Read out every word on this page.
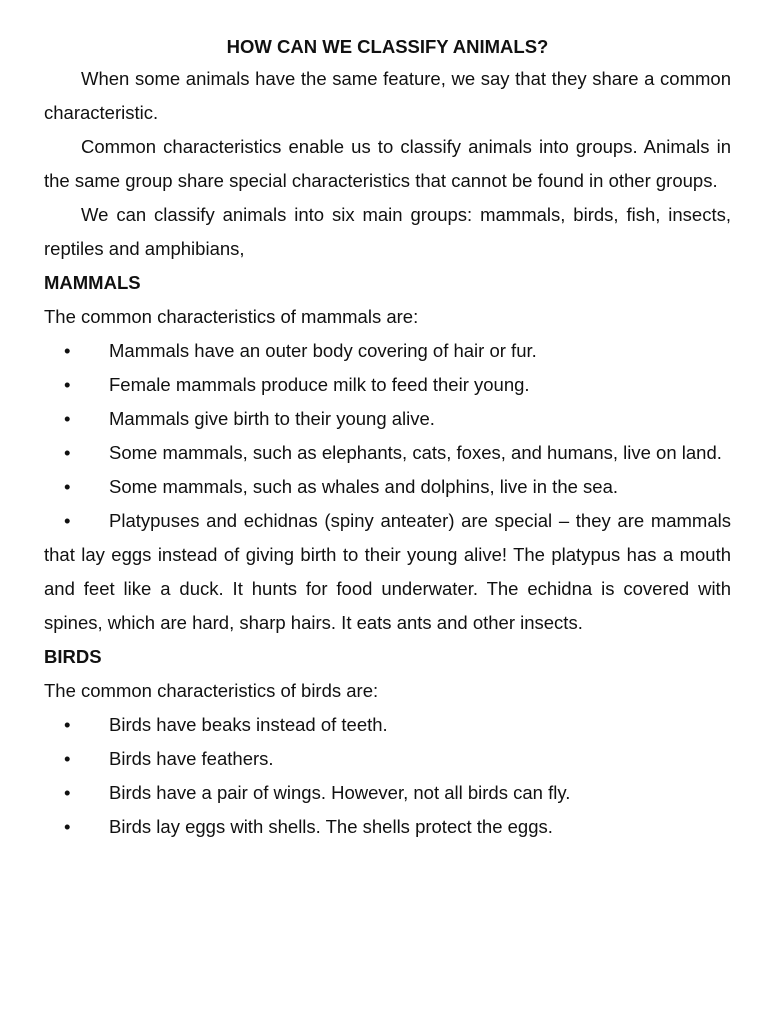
HOW CAN WE CLASSIFY ANIMALS?

When some animals have the same feature, we say that they share a common characteristic.

Common characteristics enable us to classify animals into groups. Animals in the same group share special characteristics that cannot be found in other groups.

We can classify animals into six main groups: mammals, birds, fish, insects, reptiles and amphibians,

MAMMALS

The common characteristics of mammals are:

• Mammals have an outer body covering of hair or fur.

• Female mammals produce milk to feed their young.

• Mammals give birth to their young alive.

• Some mammals, such as elephants, cats, foxes, and humans, live on land.

• Some mammals, such as whales and dolphins, live in the sea.

• Platypuses and echidnas (spiny anteater) are special – they are mammals that lay eggs instead of giving birth to their young alive! The platypus has a mouth and feet like a duck. It hunts for food underwater. The echidna is covered with spines, which are hard, sharp hairs. It eats ants and other insects.

BIRDS

The common characteristics of birds are:

• Birds have beaks instead of teeth.

• Birds have feathers.

• Birds have a pair of wings. However, not all birds can fly.

• Birds lay eggs with shells. The shells protect the eggs.
